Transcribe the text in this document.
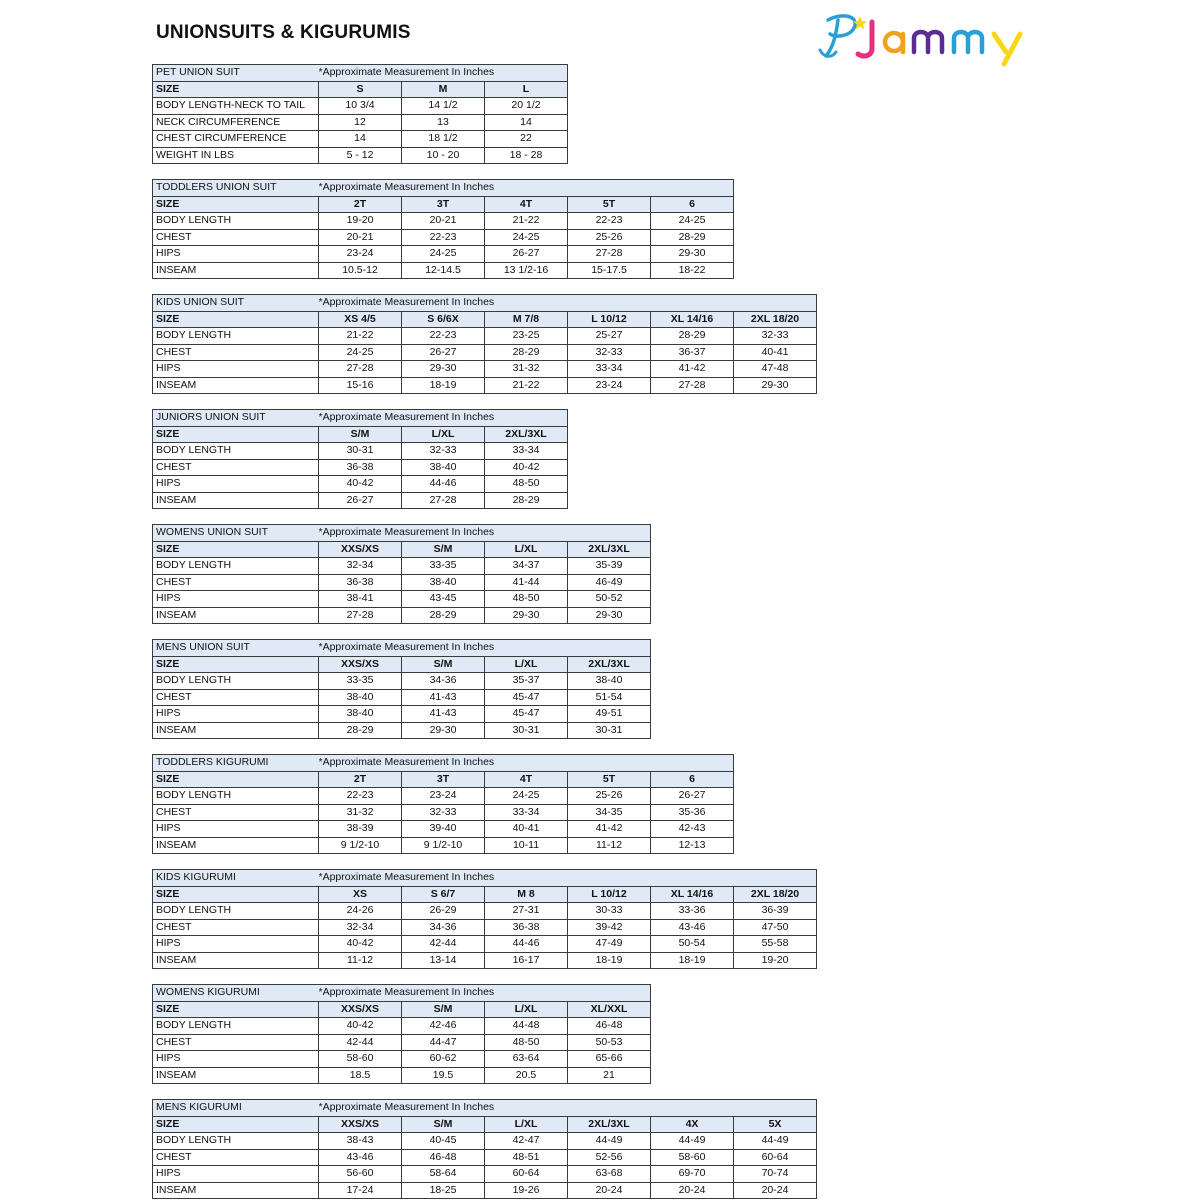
UNIONSUITS & KIGURUMIS
PET UNION SUIT	*Approximate Measurement In Inches		
SIZE	S	M	L
BODY LENGTH-NECK TO TAIL	10 3/4	14 1/2	20 1/2
NECK CIRCUMFERENCE	12	13	14
CHEST CIRCUMFERENCE	14	18 1/2	22
WEIGHT IN LBS	5 - 12	10 - 20	18 - 28
TODDLERS UNION SUIT	*Approximate Measurement In Inches				
SIZE	2T	3T	4T	5T	6
BODY LENGTH	19-20	20-21	21-22	22-23	24-25
CHEST	20-21	22-23	24-25	25-26	28-29
HIPS	23-24	24-25	26-27	27-28	29-30
INSEAM	10.5-12	12-14.5	13 1/2-16	15-17.5	18-22
KIDS UNION SUIT	*Approximate Measurement In Inches					
SIZE	XS 4/5	S 6/6X	M 7/8	L 10/12	XL 14/16	2XL 18/20
BODY LENGTH	21-22	22-23	23-25	25-27	28-29	32-33
CHEST	24-25	26-27	28-29	32-33	36-37	40-41
HIPS	27-28	29-30	31-32	33-34	41-42	47-48
INSEAM	15-16	18-19	21-22	23-24	27-28	29-30
JUNIORS UNION SUIT	*Approximate Measurement In Inches		
SIZE	S/M	L/XL	2XL/3XL
BODY LENGTH	30-31	32-33	33-34
CHEST	36-38	38-40	40-42
HIPS	40-42	44-46	48-50
INSEAM	26-27	27-28	28-29
WOMENS UNION SUIT	*Approximate Measurement In Inches			
SIZE	XXS/XS	S/M	L/XL	2XL/3XL
BODY LENGTH	32-34	33-35	34-37	35-39
CHEST	36-38	38-40	41-44	46-49
HIPS	38-41	43-45	48-50	50-52
INSEAM	27-28	28-29	29-30	29-30
MENS UNION SUIT	*Approximate Measurement In Inches			
SIZE	XXS/XS	S/M	L/XL	2XL/3XL
BODY LENGTH	33-35	34-36	35-37	38-40
CHEST	38-40	41-43	45-47	51-54
HIPS	38-40	41-43	45-47	49-51
INSEAM	28-29	29-30	30-31	30-31
TODDLERS KIGURUMI	*Approximate Measurement In Inches				
SIZE	2T	3T	4T	5T	6
BODY LENGTH	22-23	23-24	24-25	25-26	26-27
CHEST	31-32	32-33	33-34	34-35	35-36
HIPS	38-39	39-40	40-41	41-42	42-43
INSEAM	9 1/2-10	9 1/2-10	10-11	11-12	12-13
KIDS KIGURUMI	*Approximate Measurement In Inches					
SIZE	XS	S 6/7	M 8	L 10/12	XL 14/16	2XL 18/20
BODY LENGTH	24-26	26-29	27-31	30-33	33-36	36-39
CHEST	32-34	34-36	36-38	39-42	43-46	47-50
HIPS	40-42	42-44	44-46	47-49	50-54	55-58
INSEAM	11-12	13-14	16-17	18-19	18-19	19-20
WOMENS KIGURUMI	*Approximate Measurement In Inches			
SIZE	XXS/XS	S/M	L/XL	XL/XXL
BODY LENGTH	40-42	42-46	44-48	46-48
CHEST	42-44	44-47	48-50	50-53
HIPS	58-60	60-62	63-64	65-66
INSEAM	18.5	19.5	20.5	21
MENS KIGURUMI	*Approximate Measurement In Inches					
SIZE	XXS/XS	S/M	L/XL	2XL/3XL	4X	5X
BODY LENGTH	38-43	40-45	42-47	44-49	44-49	44-49
CHEST	43-46	46-48	48-51	52-56	58-60	60-64
HIPS	56-60	58-64	60-64	63-68	69-70	70-74
INSEAM	17-24	18-25	19-26	20-24	20-24	20-24
